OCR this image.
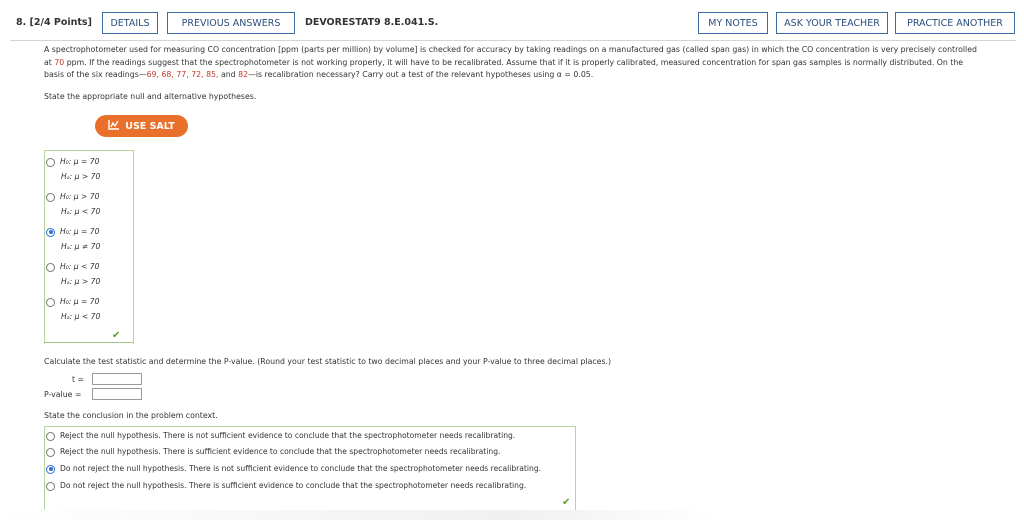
8. [2/4 Points]	DETAILS	PREVIOUS ANSWERS	DEVORESTAT9 8.E.041.S.	MY NOTES	ASK YOUR TEACHER	PRACTICE ANOTHER

A spectrophotometer used for measuring CO concentration [ppm (parts per million) by volume] is checked for accuracy by taking readings on a manufactured gas (called span gas) in which the CO concentration is very precisely controlled at 70 ppm. If the readings suggest that the spectrophotometer is not working properly, it will have to be recalibrated. Assume that if it is properly calibrated, measured concentration for span gas samples is normally distributed. On the basis of the six readings—69, 68, 77, 72, 85, and 82—is recalibration necessary? Carry out a test of the relevant hypotheses using α = 0.05.

State the appropriate null and alternative hypotheses.
USE SALT
H₀: μ = 70
Hₐ: μ > 70
H₀: μ > 70
Hₐ: μ < 70
H₀: μ = 70
Hₐ: μ ≠ 70
H₀: μ < 70
Hₐ: μ > 70
H₀: μ = 70
Hₐ: μ < 70
✔
Calculate the test statistic and determine the P-value. (Round your test statistic to two decimal places and your P-value to three decimal places.)
t =
P-value =
State the conclusion in the problem context.
Reject the null hypothesis. There is not sufficient evidence to conclude that the spectrophotometer needs recalibrating.
Reject the null hypothesis. There is sufficient evidence to conclude that the spectrophotometer needs recalibrating.
Do not reject the null hypothesis. There is not sufficient evidence to conclude that the spectrophotometer needs recalibrating.
Do not reject the null hypothesis. There is sufficient evidence to conclude that the spectrophotometer needs recalibrating.
✔
